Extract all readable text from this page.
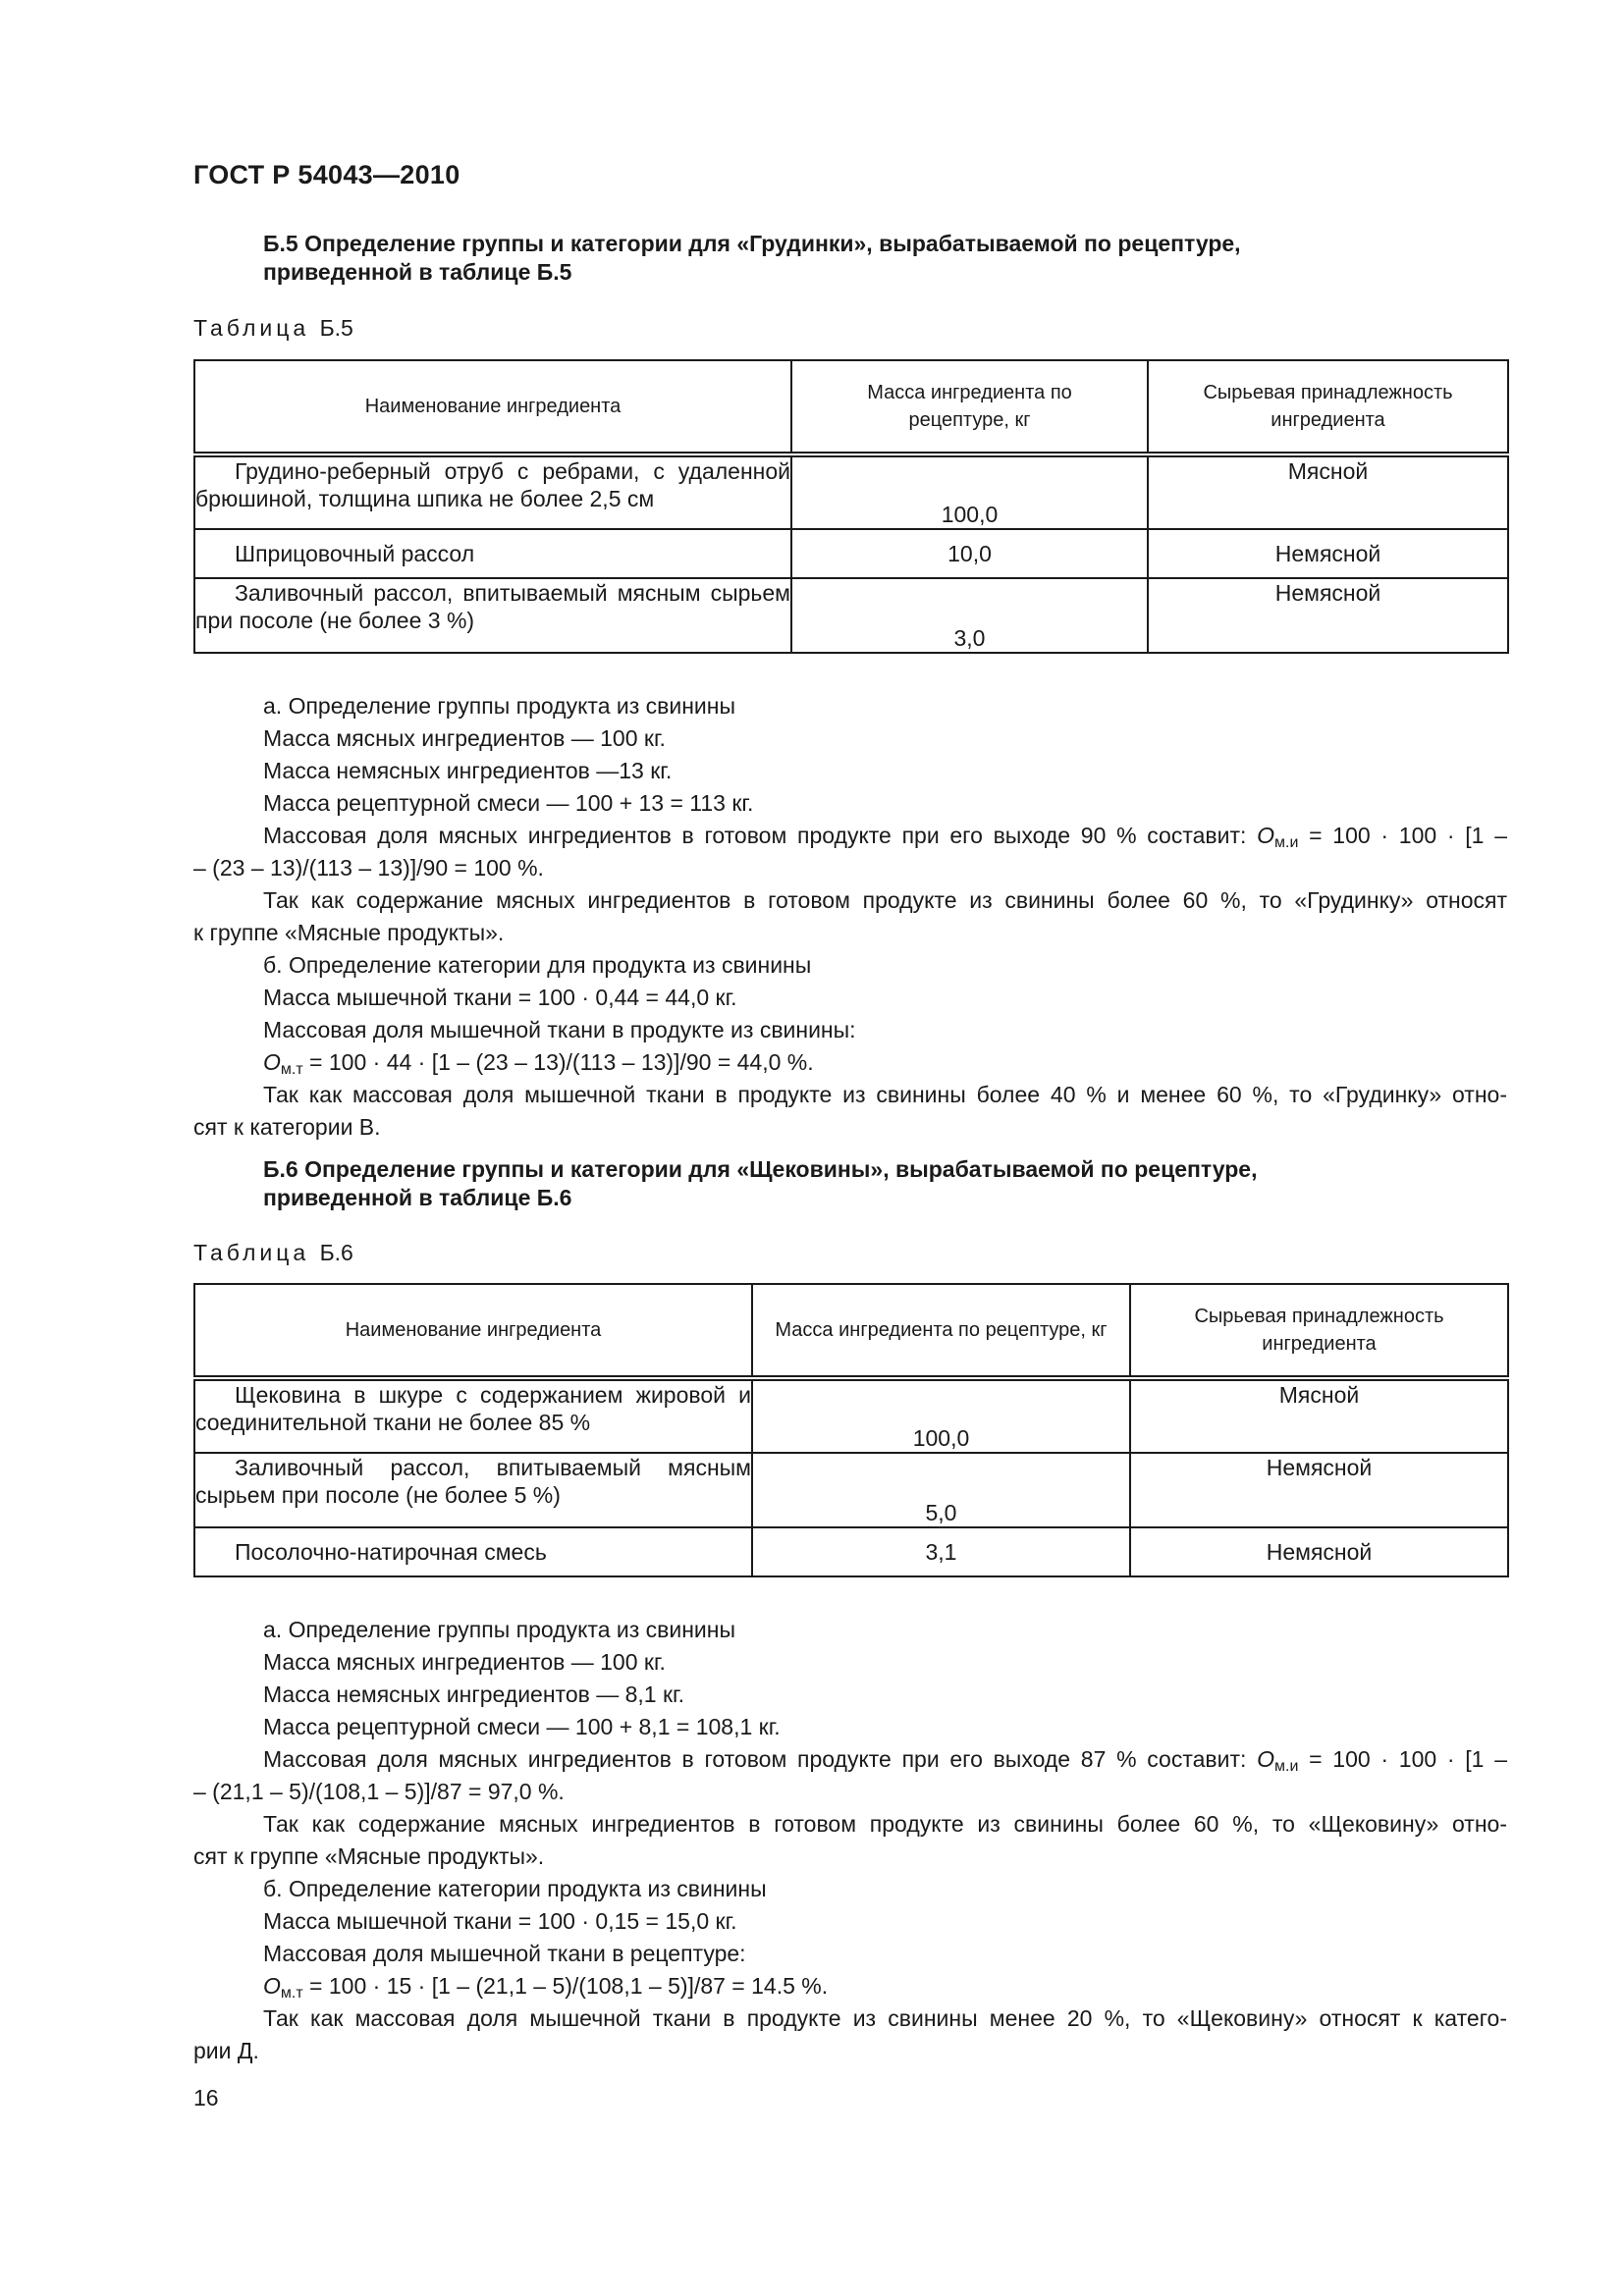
ГОСТ Р 54043—2010
Б.5 Определение группы и категории для «Грудинки», вырабатываемой по рецептуре,
приведенной в таблице Б.5
Таблица Б.5
Наименование ингредиента	Масса ингредиента по рецептуре, кг	Сырьевая принадлежность ингредиента
Грудино-реберный отруб с ребрами, с удаленной брюшиной, толщина шпика не более 2,5 см	100,0	Мясной
Шприцовочный рассол	10,0	Немясной
Заливочный рассол, впитываемый мясным сырьем при посоле (не более 3 %)	3,0	Немясной

а. Определение группы продукта из свинины

Масса мясных ингредиентов — 100 кг.

Масса немясных ингредиентов —13 кг.

Масса рецептурной смеси — 100 + 13 = 113 кг.

Массовая доля мясных ингредиентов в готовом продукте при его выходе 90 % составит: $О_{м.и} = 100 \cdot 100 \cdot [1$ –

– (23 – 13)/(113 – 13)]/90 = 100 %.

Так как содержание мясных ингредиентов в готовом продукте из свинины более 60 %, то «Грудинку» относят

к группе «Мясные продукты».

б. Определение категории для продукта из свинины

Масса мышечной ткани = 100 · 0,44 = 44,0 кг.

Массовая доля мышечной ткани в продукте из свинины:

$О_{м.т} = 100 \cdot 44 \cdot [1 - (23 - 13)/(113 - 13)]/90 = 44,0$ %.

Так как массовая доля мышечной ткани в продукте из свинины более 40 % и менее 60 %, то «Грудинку» отно-

сят к категории В.

Б.6 Определение группы и категории для «Щековины», вырабатываемой по рецептуре,
приведенной в таблице Б.6
Таблица Б.6
Наименование ингредиента	Масса ингредиента по рецептуре, кг	Сырьевая принадлежность ингредиента
Щековина в шкуре с содержанием жировой и соединительной ткани не более 85 %	100,0	Мясной
Заливочный рассол, впитываемый мясным сырьем при посоле (не более 5 %)	5,0	Немясной
Посолочно-натирочная смесь	3,1	Немясной

а. Определение группы продукта из свинины

Масса мясных ингредиентов — 100 кг.

Масса немясных ингредиентов — 8,1 кг.

Масса рецептурной смеси — 100 + 8,1 = 108,1 кг.

Массовая доля мясных ингредиентов в готовом продукте при его выходе 87 % составит: $О_{м.и} = 100 \cdot 100 \cdot [1$ –

– (21,1 – 5)/(108,1 – 5)]/87 = 97,0 %.

Так как содержание мясных ингредиентов в готовом продукте из свинины более 60 %, то «Щековину» отно-

сят к группе «Мясные продукты».

б. Определение категории продукта из свинины

Масса мышечной ткани = 100 · 0,15 = 15,0 кг.

Массовая доля мышечной ткани в рецептуре:

$О_{м.т} = 100 \cdot 15 \cdot [1 - (21,1 - 5)/(108,1 - 5)]/87 = 14.5$ %.

Так как массовая доля мышечной ткани в продукте из свинины менее 20 %, то «Щековину» относят к катего-

рии Д.

16
